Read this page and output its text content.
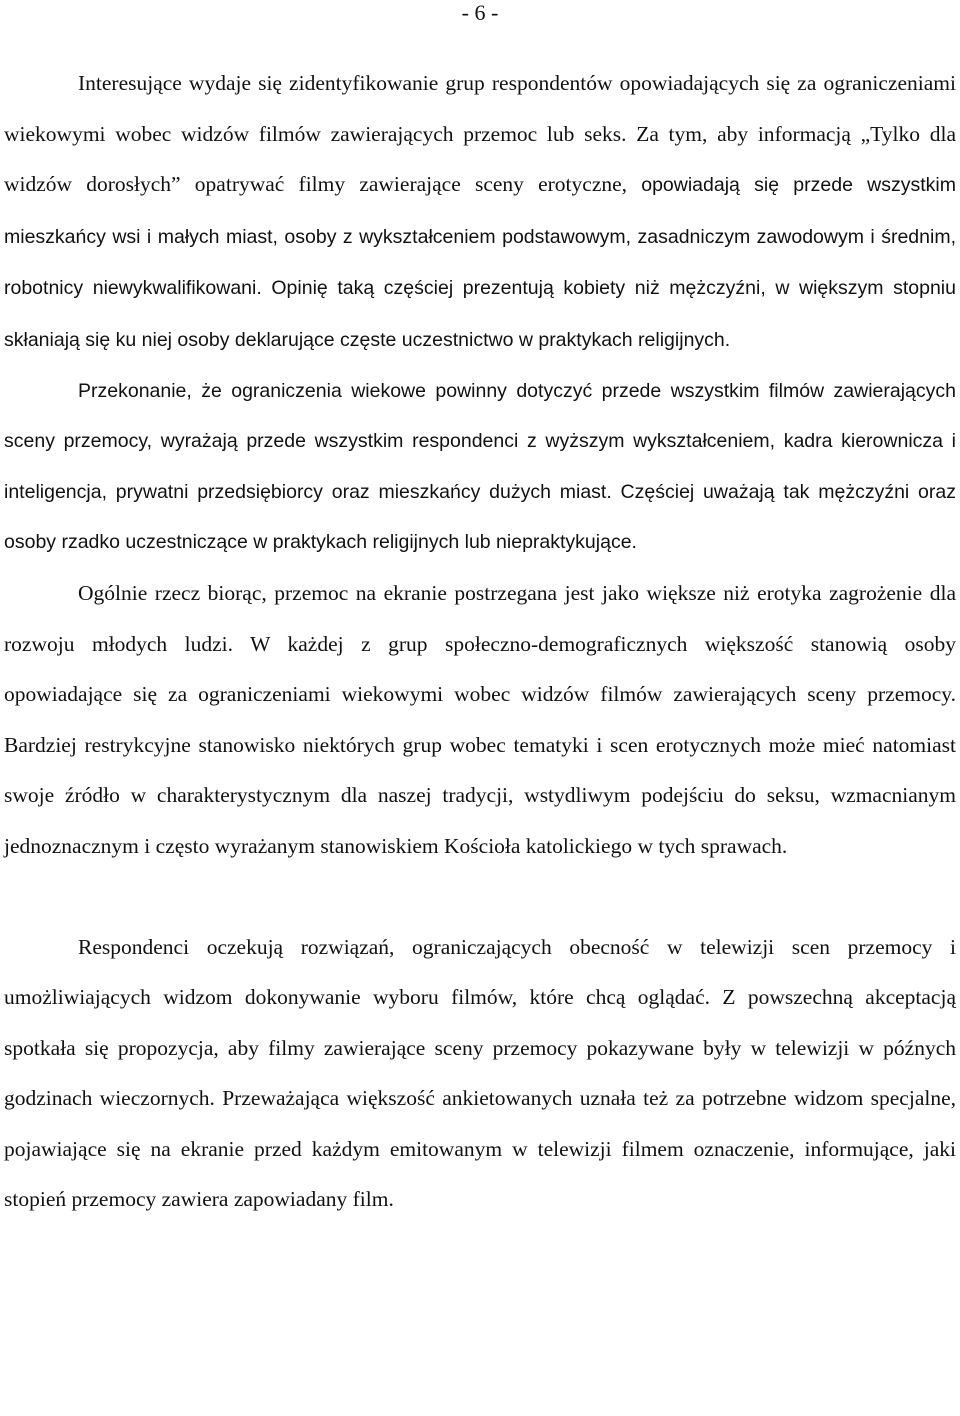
- 6 -

Interesujące wydaje się zidentyfikowanie grup respondentów opowiadających się za ograniczeniami wiekowymi wobec widzów filmów zawierających przemoc lub seks. Za tym, aby informacją „Tylko dla widzów dorosłych” opatrywać filmy zawierające sceny erotyczne, opowiadają się przede wszystkim mieszkańcy wsi i małych miast, osoby z wykształceniem podstawowym, zasadniczym zawodowym i średnim, robotnicy niewykwalifikowani. Opinię taką częściej prezentują kobiety niż mężczyźni, w większym stopniu skłaniają się ku niej osoby deklarujące częste uczestnictwo w praktykach religijnych.

Przekonanie, że ograniczenia wiekowe powinny dotyczyć przede wszystkim filmów zawierających sceny przemocy, wyrażają przede wszystkim respondenci z wyższym wykształceniem, kadra kierownicza i inteligencja, prywatni przedsiębiorcy oraz mieszkańcy dużych miast. Częściej uważają tak mężczyźni oraz osoby rzadko uczestniczące w praktykach religijnych lub niepraktykujące.

Ogólnie rzecz biorąc, przemoc na ekranie postrzegana jest jako większe niż erotyka zagrożenie dla rozwoju młodych ludzi. W każdej z grup społeczno-demograficznych większość stanowią osoby opowiadające się za ograniczeniami wiekowymi wobec widzów filmów zawierających sceny przemocy. Bardziej restrykcyjne stanowisko niektórych grup wobec tematyki i scen erotycznych może mieć natomiast swoje źródło w charakterystycznym dla naszej tradycji, wstydliwym podejściu do seksu, wzmacnianym jednoznacznym i często wyrażanym stanowiskiem Kościoła katolickiego w tych sprawach.

Respondenci oczekują rozwiązań, ograniczających obecność w telewizji scen przemocy i umożliwiających widzom dokonywanie wyboru filmów, które chcą oglądać. Z powszechną akceptacją spotkała się propozycja, aby filmy zawierające sceny przemocy pokazywane były w telewizji w późnych godzinach wieczornych. Przeważająca większość ankietowanych uznała też za potrzebne widzom specjalne, pojawiające się na ekranie przed każdym emitowanym w telewizji filmem oznaczenie, informujące, jaki stopień przemocy zawiera zapowiadany film.
